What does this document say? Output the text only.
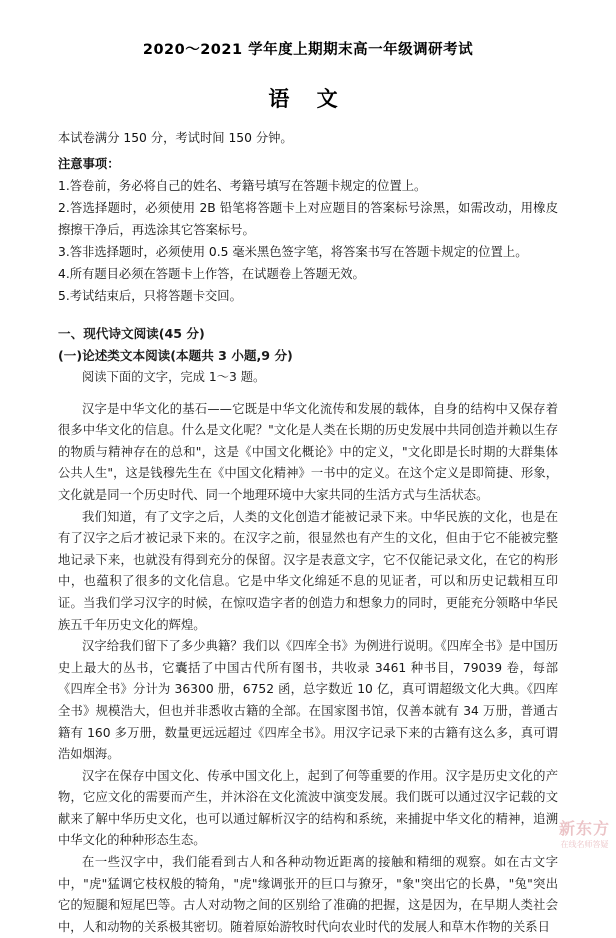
2020～2021 学年度上期期末高一年级调研考试
语 文

本试卷满分 150 分，考试时间 150 分钟。

注意事项：

1.答卷前，务必将自己的姓名、考籍号填写在答题卡规定的位置上。

2.答选择题时，必须使用 2B 铅笔将答题卡上对应题目的答案标号涂黑，如需改动，用橡皮擦擦干净后，再选涂其它答案标号。

3.答非选择题时，必须使用 0.5 毫米黑色签字笔，将答案书写在答题卡规定的位置上。

4.所有题目必须在答题卡上作答，在试题卷上答题无效。

5.考试结束后，只将答题卡交回。

一、现代诗文阅读(45 分)

(一)论述类文本阅读(本题共 3 小题,9 分)

阅读下面的文字，完成 1～3 题。

汉字是中华文化的基石——它既是中华文化流传和发展的载体，自身的结构中又保存着很多中华文化的信息。什么是文化呢？"文化是人类在长期的历史发展中共同创造并赖以生存的物质与精神存在的总和"，这是《中国文化概论》中的定义，"文化即是长时期的大群集体公共人生"，这是钱穆先生在《中国文化精神》一书中的定义。在这个定义是即简捷、形象，文化就是同一个历史时代、同一个地理环境中大家共同的生活方式与生活状态。

我们知道，有了文字之后，人类的文化创造才能被记录下来。中华民族的文化，也是在有了汉字之后才被记录下来的。在汉字之前，很显然也有产生的文化，但由于它不能被完整地记录下来，也就没有得到充分的保留。汉字是表意文字，它不仅能记录文化，在它的构形中，也蕴积了很多的文化信息。它是中华文化绵延不息的见证者，可以和历史记载相互印证。当我们学习汉字的时候，在惊叹造字者的创造力和想象力的同时，更能充分领略中华民族五千年历史文化的辉煌。

汉字给我们留下了多少典籍？我们以《四库全书》为例进行说明。《四库全书》是中国历史上最大的丛书，它囊括了中国古代所有图书，共收录 3461 种书目，79039 卷，每部《四库全书》分计为 36300 册，6752 函，总字数近 10 亿，真可谓超级文化大典。《四库全书》规模浩大，但也并非悉收古籍的全部。在国家图书馆，仅善本就有 34 万册，普通古籍有 160 多万册，数量更远远超过《四库全书》。用汉字记录下来的古籍有这么多，真可谓浩如烟海。

汉字在保存中国文化、传承中国文化上，起到了何等重要的作用。汉字是历史文化的产物，它应文化的需要而产生，并沐浴在文化流波中演变发展。我们既可以通过汉字记载的文献来了解中华历史文化，也可以通过解析汉字的结构和系统，来捕捉中华文化的精神，追溯中华文化的种种形态生态。

在一些汉字中，我们能看到古人和各种动物近距离的接触和精细的观察。如在古文字中，"虎"猛调它枝权般的犄角，"虎"缘调张开的巨口与獠牙，"象"突出它的长鼻，"兔"突出它的短腿和短尾巴等。古人对动物之间的区别给了准确的把握，这是因为，在早期人类社会中，人和动物的关系极其密切。随着原始游牧时代向农业时代的发展人和草木作物的关系日

新东方
在线名师答疑
